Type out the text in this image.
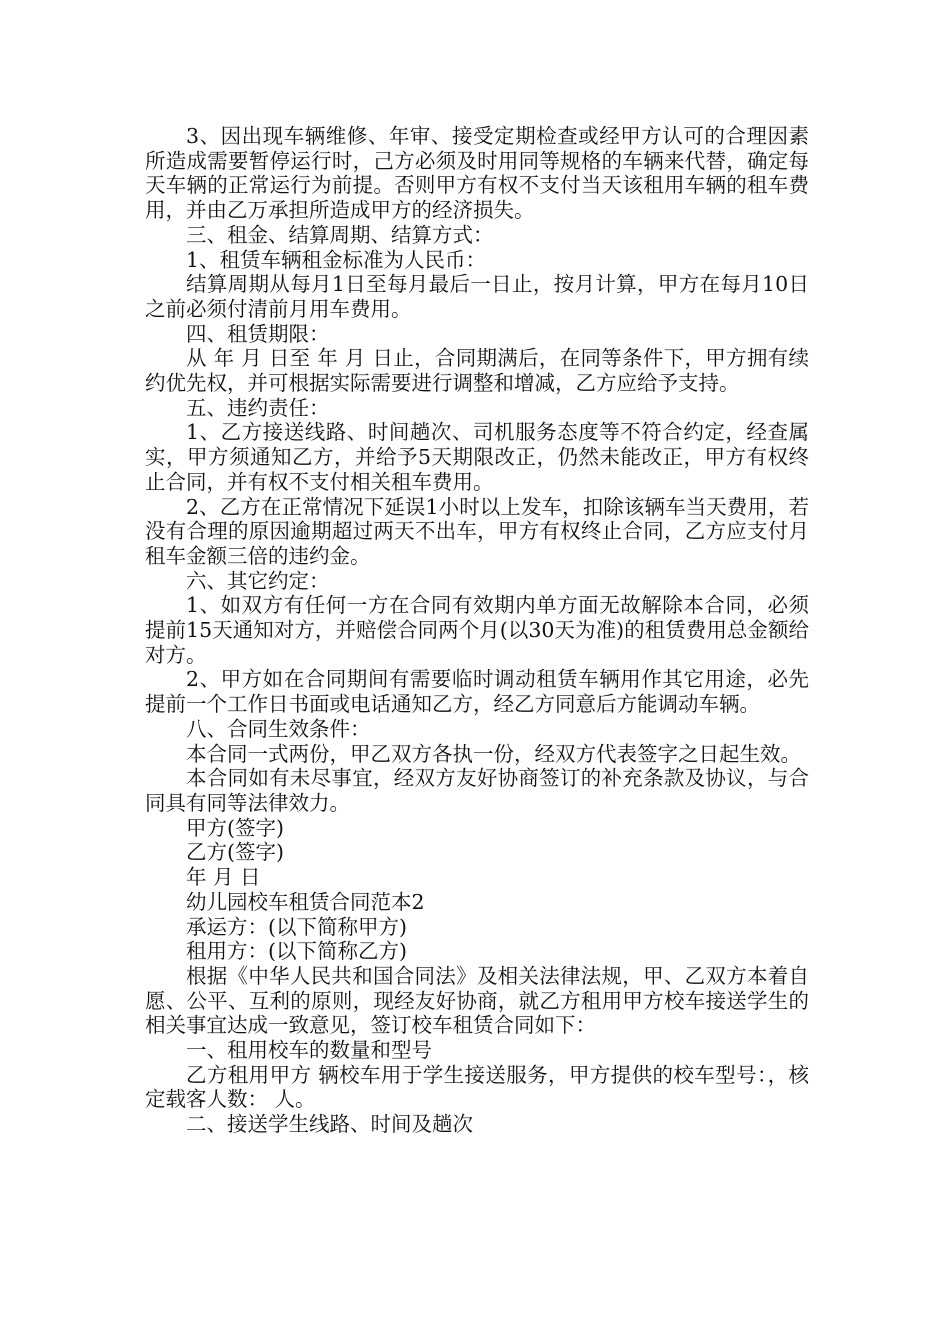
3、因出现车辆维修、年审、接受定期检查或经甲方认可的合理因素所造成需要暂停运行时，己方必须及时用同等规格的车辆来代替，确定每天车辆的正常运行为前提。否则甲方有权不支付当天该租用车辆的租车费用，并由乙万承担所造成甲方的经济损失。

三、租金、结算周期、结算方式：

1、租赁车辆租金标准为人民币：

结算周期从每月1日至每月最后一日止，按月计算，甲方在每月10日之前必须付清前月用车费用。

四、租赁期限：

从 年 月 日至 年 月 日止，合同期满后，在同等条件下，甲方拥有续约优先权，并可根据实际需要进行调整和增减，乙方应给予支持。

五、违约责任：

1、乙方接送线路、时间趟次、司机服务态度等不符合约定，经查属实，甲方须通知乙方，并给予5天期限改正，仍然未能改正，甲方有权终止合同，并有权不支付相关租车费用。

2、乙方在正常情况下延误1小时以上发车，扣除该辆车当天费用，若没有合理的原因逾期超过两天不出车，甲方有权终止合同，乙方应支付月租车金额三倍的违约金。

六、其它约定：

1、如双方有任何一方在合同有效期内单方面无故解除本合同，必须提前15天通知对方，并赔偿合同两个月(以30天为准)的租赁费用总金额给对方。

2、甲方如在合同期间有需要临时调动租赁车辆用作其它用途，必先提前一个工作日书面或电话通知乙方，经乙方同意后方能调动车辆。

八、合同生效条件：

本合同一式两份，甲乙双方各执一份，经双方代表签字之日起生效。

本合同如有未尽事宜，经双方友好协商签订的补充条款及协议，与合同具有同等法律效力。

甲方(签字)

乙方(签字)

年 月 日

幼儿园校车租赁合同范本2

承运方：(以下简称甲方)

租用方：(以下简称乙方)

根据《中华人民共和国合同法》及相关法律法规，甲、乙双方本着自愿、公平、互利的原则，现经友好协商，就乙方租用甲方校车接送学生的相关事宜达成一致意见，签订校车租赁合同如下：

一、租用校车的数量和型号

乙方租用甲方 辆校车用于学生接送服务，甲方提供的校车型号：，核定载客人数： 人。

二、接送学生线路、时间及趟次
